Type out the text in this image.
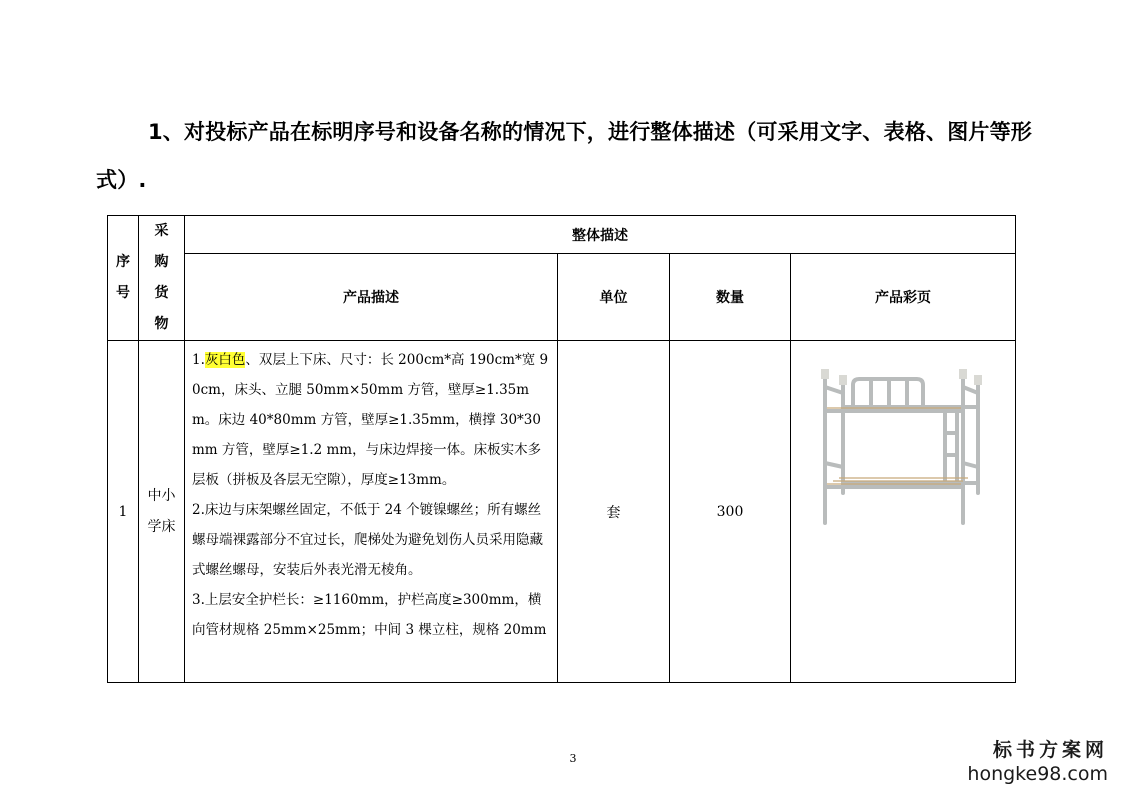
1、对投标产品在标明序号和设备名称的情况下，进行整体描述（可采用文字、表格、图片等形式）.
序号	采购货物	整体描述			
		产品描述	单位	数量	产品彩页
1	中小学床	1.灰白色、双层上下床、尺寸：长 200cm*高 190cm*宽 90cm，床头、立腿 50mm×50mm 方管，壁厚≥1.35mm。床边 40*80mm 方管，壁厚≥1.35mm，横撑 30*30mm 方管，壁厚≥1.2 mm，与床边焊接一体。床板实木多层板（拼板及各层无空隙），厚度≥13mm。
2.床边与床架螺丝固定，不低于 24 个镀镍螺丝；所有螺丝螺母端裸露部分不宜过长，爬梯处为避免划伤人员采用隐藏式螺丝螺母，安装后外表光滑无棱角。
3.上层安全护栏长：≥1160mm，护栏高度≥300mm，横向管材规格 25mm×25mm；中间 3 棵立柱，规格 20mm	套	300	
3	标书方案网
hongke98.com
